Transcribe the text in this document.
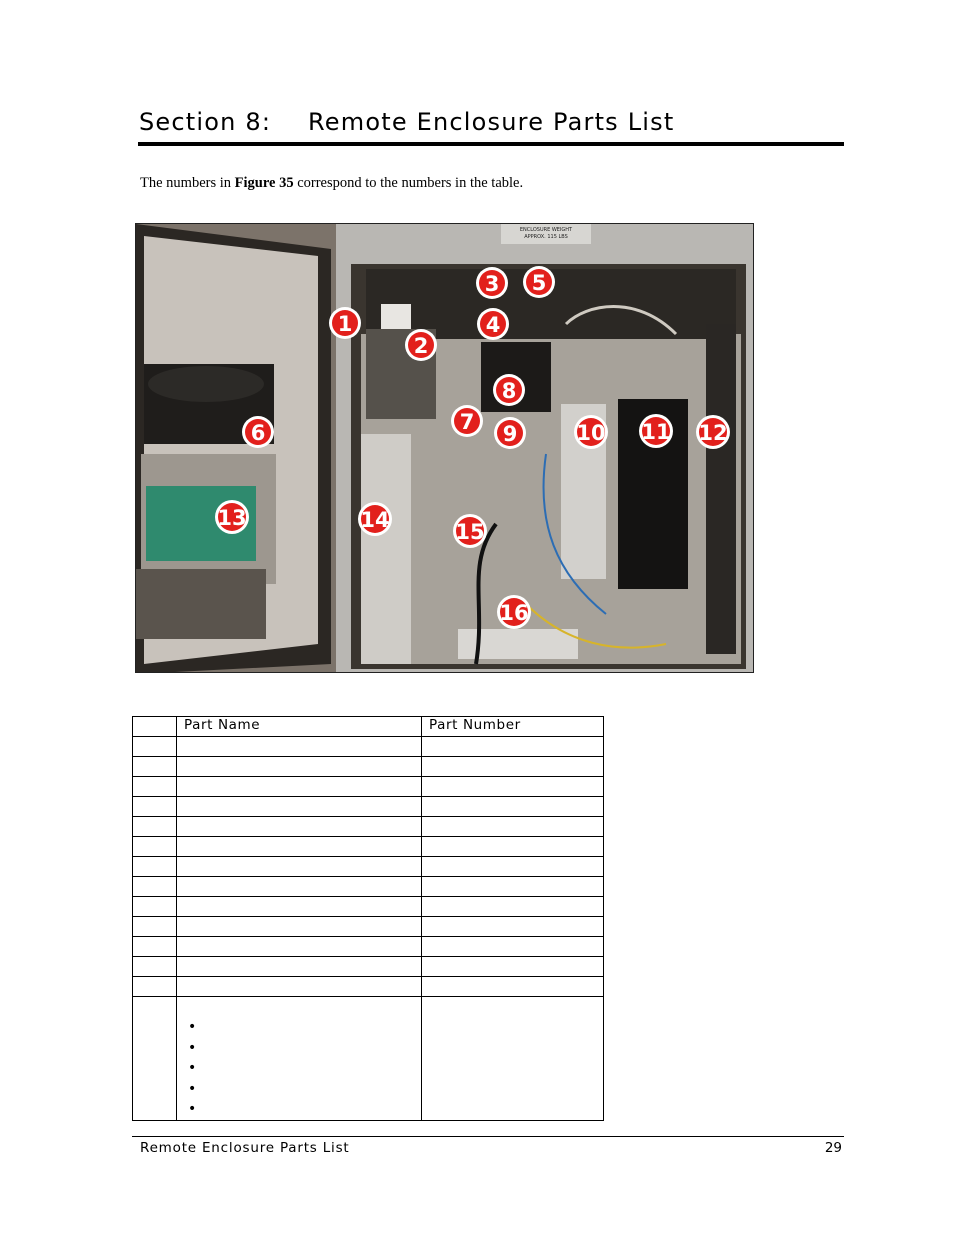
Section 8: Remote Enclosure Parts List
The numbers in Figure 35 correspond to the numbers in the table.
ENCLOSURE WEIGHT
APPROX. 115 LBS
1
2
3
4
5
6	7
8
9	10 11 12
13	14	15
16
	Part Name	Part Number

•
•
•
•
•

Remote Enclosure Parts List	29
